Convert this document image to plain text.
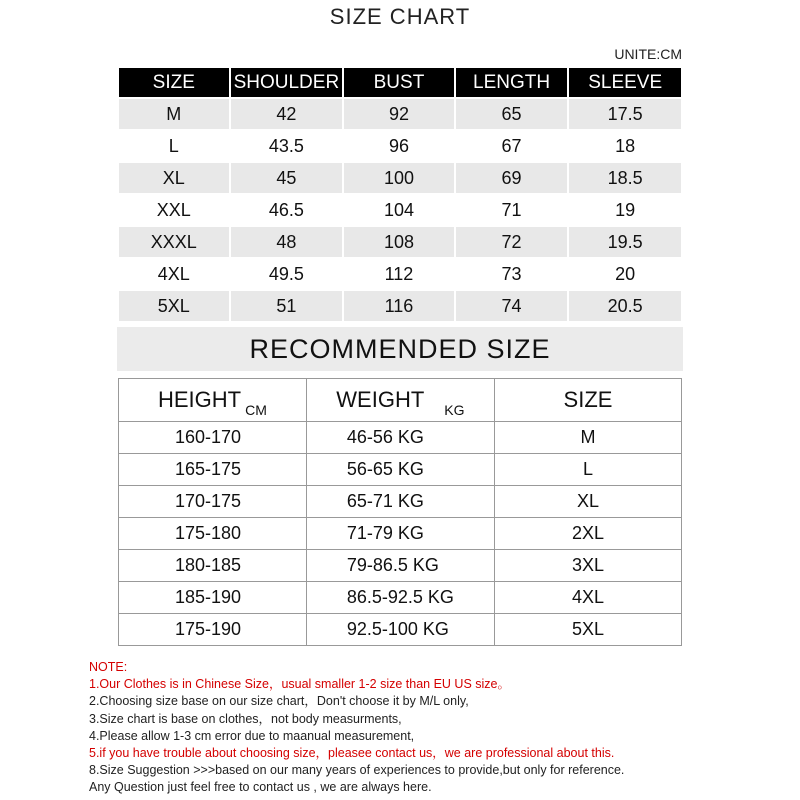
SIZE CHART
UNITE:CM
SIZE	SHOULDER	BUST	LENGTH	SLEEVE
M	42	92	65	17.5
L	43.5	96	67	18
XL	45	100	69	18.5
XXL	46.5	104	71	19
XXXL	48	108	72	19.5
4XL	49.5	112	73	20
5XL	51	116	74	20.5
RECOMMENDED SIZE
HEIGHT $_{CM}$	WEIGHT $_{KG}$	SIZE
160-170	46-56 KG	M
165-175	56-65 KG	L
170-175	65-71 KG	XL
175-180	71-79 KG	2XL
180-185	79-86.5 KG	3XL
185-190	86.5-92.5 KG	4XL
175-190	92.5-100 KG	5XL
NOTE:
1.Our Clothes is in Chinese Size，usual smaller 1-2 size than EU US size。
2.Choosing size base on our size chart，Don't choose it by M/L only,
3.Size chart is base on clothes，not body measurments,
4.Please allow 1-3 cm error due to maanual measurement,
5.if you have trouble about choosing size，pleasee contact us，we are professional about this.
8.Size Suggestion >>>based on our many years of experiences to provide,but only for reference.
Any Question just feel free to contact us , we are always here.
